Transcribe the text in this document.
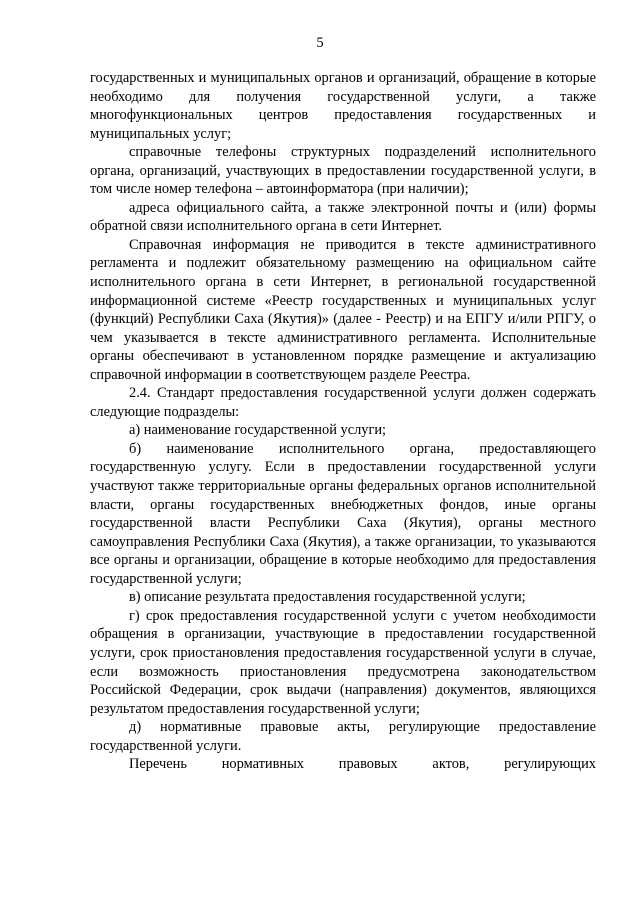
5

государственных и муниципальных органов и организаций, обращение в которые необходимо для получения государственной услуги, а также многофункциональных центров предоставления государственных и муниципальных услуг;

справочные телефоны структурных подразделений исполнительного органа, организаций, участвующих в предоставлении государственной услуги, в том числе номер телефона – автоинформатора (при наличии);

адреса официального сайта, а также электронной почты и (или) формы обратной связи исполнительного органа в сети Интернет.

Справочная информация не приводится в тексте административного регламента и подлежит обязательному размещению на официальном сайте исполнительного органа в сети Интернет, в региональной государственной информационной системе «Реестр государственных и муниципальных услуг (функций) Республики Саха (Якутия)» (далее - Реестр) и на ЕПГУ и/или РПГУ, о чем указывается в тексте административного регламента. Исполнительные органы обеспечивают в установленном порядке размещение и актуализацию справочной информации в соответствующем разделе Реестра.

2.4. Стандарт предоставления государственной услуги должен содержать следующие подразделы:

а) наименование государственной услуги;

б) наименование исполнительного органа, предоставляющего государственную услугу. Если в предоставлении государственной услуги участвуют также территориальные органы федеральных органов исполнительной власти, органы государственных внебюджетных фондов, иные органы государственной власти Республики Саха (Якутия), органы местного самоуправления Республики Саха (Якутия), а также организации, то указываются все органы и организации, обращение в которые необходимо для предоставления государственной услуги;

в) описание результата предоставления государственной услуги;

г) срок предоставления государственной услуги с учетом необходимости обращения в организации, участвующие в предоставлении государственной услуги, срок приостановления предоставления государственной услуги в случае, если возможность приостановления предусмотрена законодательством Российской Федерации, срок выдачи (направления) документов, являющихся результатом предоставления государственной услуги;

д) нормативные правовые акты, регулирующие предоставление государственной услуги.

Перечень нормативных правовых актов, регулирующих
